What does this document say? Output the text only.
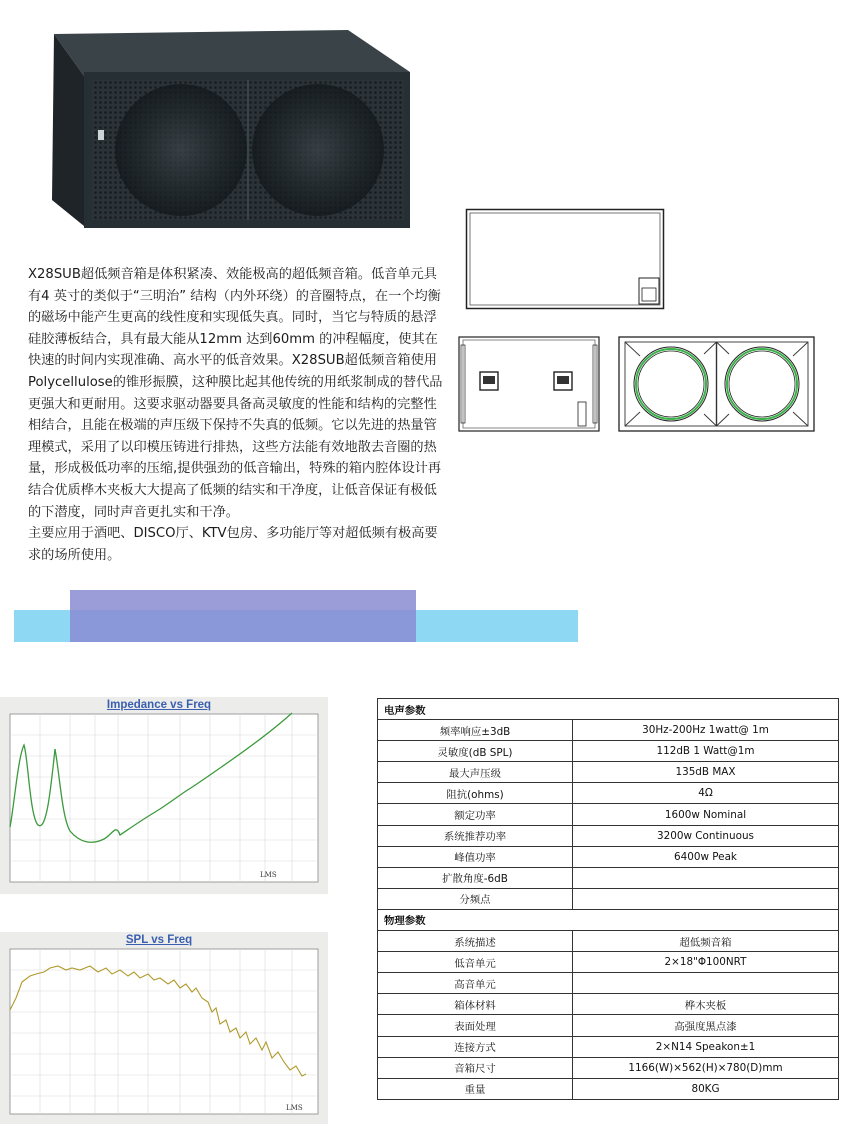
X28SUB超低频音箱是体积紧凑、效能极高的超低频音箱。低音单元具有4 英寸的类似于“三明治” 结构（内外环绕）的音圈特点，在一个均衡的磁场中能产生更高的线性度和实现低失真。同时，当它与特质的悬浮硅胶薄板结合，具有最大能从12mm 达到60mm 的冲程幅度，使其在快速的时间内实现准确、高水平的低音效果。X28SUB超低频音箱使用Polycellulose的锥形振膜，这种膜比起其他传统的用纸浆制成的替代品更强大和更耐用。这要求驱动器要具备高灵敏度的性能和结构的完整性相结合，且能在极端的声压级下保持不失真的低频。它以先进的热量管理模式，采用了以印模压铸进行排热，这些方法能有效地散去音圈的热量，形成极低功率的压缩,提供强劲的低音输出，特殊的箱内腔体设计再结合优质桦木夹板大大提高了低频的结实和干净度，让低音保证有极低的下潜度，同时声音更扎实和干净。

主要应用于酒吧、DISCO厅、KTV包房、多功能厅等对超低频有极高要求的场所使用。

Impedance vs Freq
LMS
SPL vs Freq
LMS
电声参数	
频率响应±3dB	30Hz-200Hz 1watt@ 1m
灵敏度(dB SPL)	112dB 1 Watt@1m
最大声压级	135dB MAX
阻抗(ohms)	4Ω
额定功率	1600w Nominal
系统推荐功率	3200w Continuous
峰值功率	6400w Peak
扩散角度-6dB	
分频点	
物理参数	
系统描述	超低频音箱
低音单元	2×18"Φ100NRT
高音单元	
箱体材料	桦木夹板
表面处理	高强度黑点漆
连接方式	2×N14 Speakon±1
音箱尺寸	1166(W)×562(H)×780(D)mm
重量	80KG
